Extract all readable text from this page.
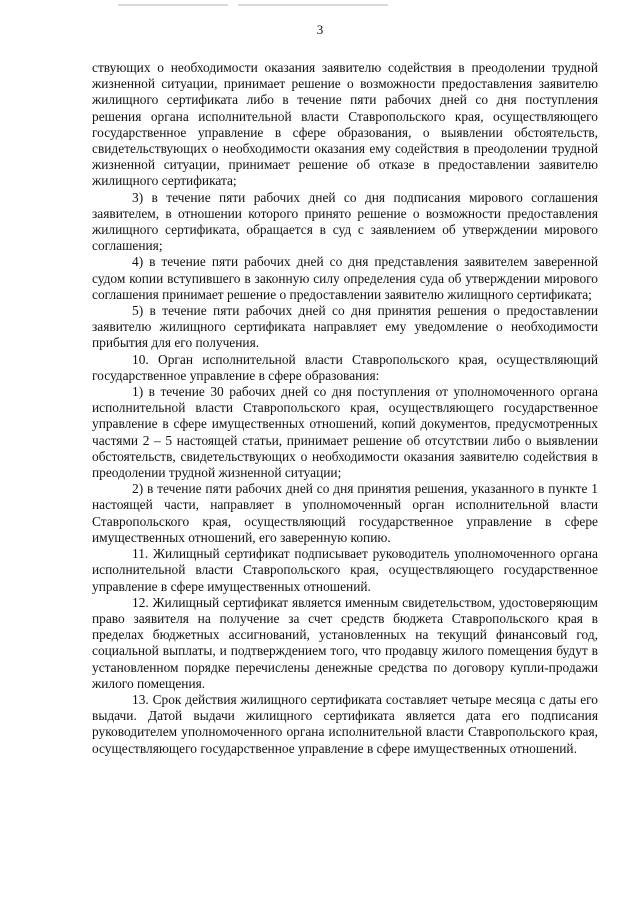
3

ствующих о необходимости оказания заявителю содействия в преодолении трудной жизненной ситуации, принимает решение о возможности предоставления заявителю жилищного сертификата либо в течение пяти рабочих дней со дня поступления решения органа исполнительной власти Ставропольского края, осуществляющего государственное управление в сфере образования, о выявлении обстоятельств, свидетельствующих о необходимости оказания ему содействия в преодолении трудной жизненной ситуации, принимает решение об отказе в предоставлении заявителю жилищного сертификата;

3) в течение пяти рабочих дней со дня подписания мирового соглашения заявителем, в отношении которого принято решение о возможности предоставления жилищного сертификата, обращается в суд с заявлением об утверждении мирового соглашения;

4) в течение пяти рабочих дней со дня представления заявителем заверенной судом копии вступившего в законную силу определения суда об утверждении мирового соглашения принимает решение о предоставлении заявителю жилищного сертификата;

5) в течение пяти рабочих дней со дня принятия решения о предоставлении заявителю жилищного сертификата направляет ему уведомление о необходимости прибытия для его получения.

10. Орган исполнительной власти Ставропольского края, осуществляющий государственное управление в сфере образования:

1) в течение 30 рабочих дней со дня поступления от уполномоченного органа исполнительной власти Ставропольского края, осуществляющего государственное управление в сфере имущественных отношений, копий документов, предусмотренных частями 2 – 5 настоящей статьи, принимает решение об отсутствии либо о выявлении обстоятельств, свидетельствующих о необходимости оказания заявителю содействия в преодолении трудной жизненной ситуации;

2) в течение пяти рабочих дней со дня принятия решения, указанного в пункте 1 настоящей части, направляет в уполномоченный орган исполнительной власти Ставропольского края, осуществляющий государственное управление в сфере имущественных отношений, его заверенную копию.

11. Жилищный сертификат подписывает руководитель уполномоченного органа исполнительной власти Ставропольского края, осуществляющего государственное управление в сфере имущественных отношений.

12. Жилищный сертификат является именным свидетельством, удостоверяющим право заявителя на получение за счет средств бюджета Ставропольского края в пределах бюджетных ассигнований, установленных на текущий финансовый год, социальной выплаты, и подтверждением того, что продавцу жилого помещения будут в установленном порядке перечислены денежные средства по договору купли-продажи жилого помещения.

13. Срок действия жилищного сертификата составляет четыре месяца с даты его выдачи. Датой выдачи жилищного сертификата является дата его подписания руководителем уполномоченного органа исполнительной власти Ставропольского края, осуществляющего государственное управление в сфере имущественных отношений.
